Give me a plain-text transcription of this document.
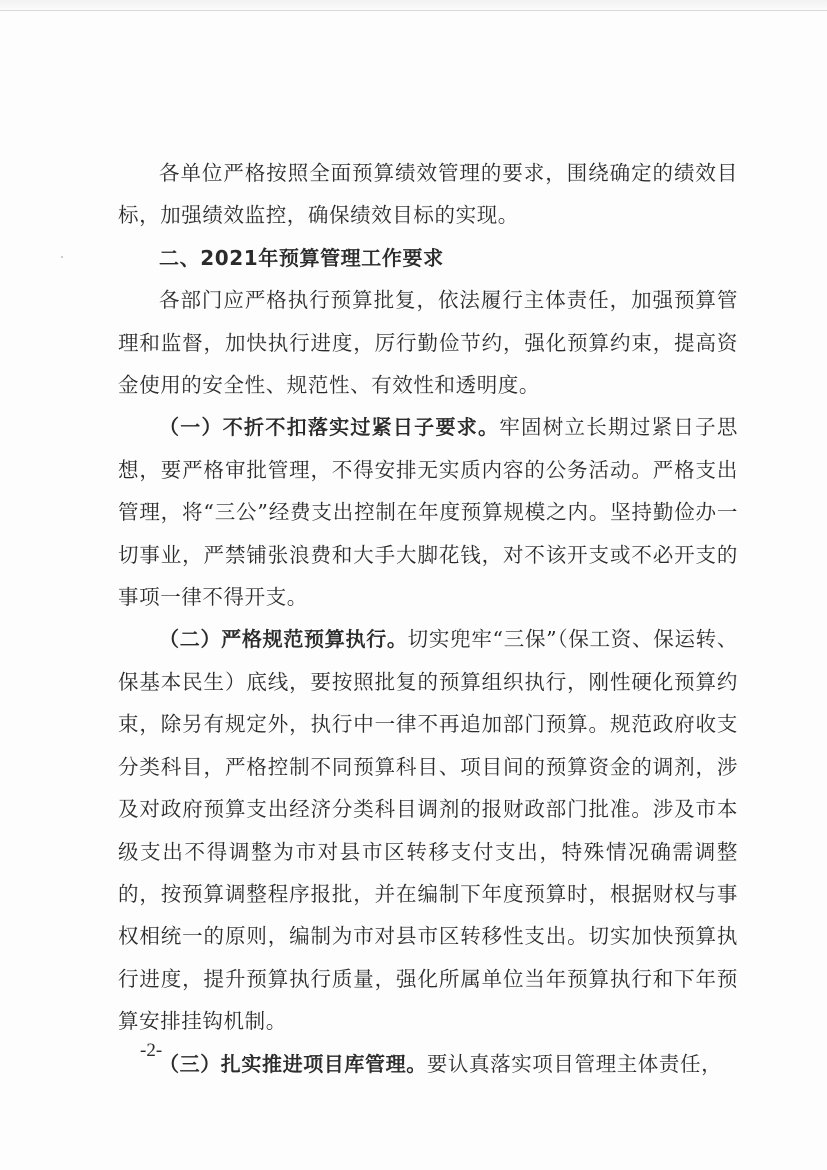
各单位严格按照全面预算绩效管理的要求，围绕确定的绩效目标，加强绩效监控，确保绩效目标的实现。

二、2021年预算管理工作要求

各部门应严格执行预算批复，依法履行主体责任，加强预算管理和监督，加快执行进度，厉行勤俭节约，强化预算约束，提高资金使用的安全性、规范性、有效性和透明度。

（一）不折不扣落实过紧日子要求。牢固树立长期过紧日子思想，要严格审批管理，不得安排无实质内容的公务活动。严格支出管理，将“三公”经费支出控制在年度预算规模之内。坚持勤俭办一切事业，严禁铺张浪费和大手大脚花钱，对不该开支或不必开支的事项一律不得开支。

（二）严格规范预算执行。切实兜牢“三保”（保工资、保运转、保基本民生）底线，要按照批复的预算组织执行，刚性硬化预算约束，除另有规定外，执行中一律不再追加部门预算。规范政府收支分类科目，严格控制不同预算科目、项目间的预算资金的调剂，涉及对政府预算支出经济分类科目调剂的报财政部门批准。涉及市本级支出不得调整为市对县市区转移支付支出，特殊情况确需调整的，按预算调整程序报批，并在编制下年度预算时，根据财权与事权相统一的原则，编制为市对县市区转移性支出。切实加快预算执行进度，提升预算执行质量，强化所属单位当年预算执行和下年预算安排挂钩机制。

（三）扎实推进项目库管理。要认真落实项目管理主体责任，

-2-
